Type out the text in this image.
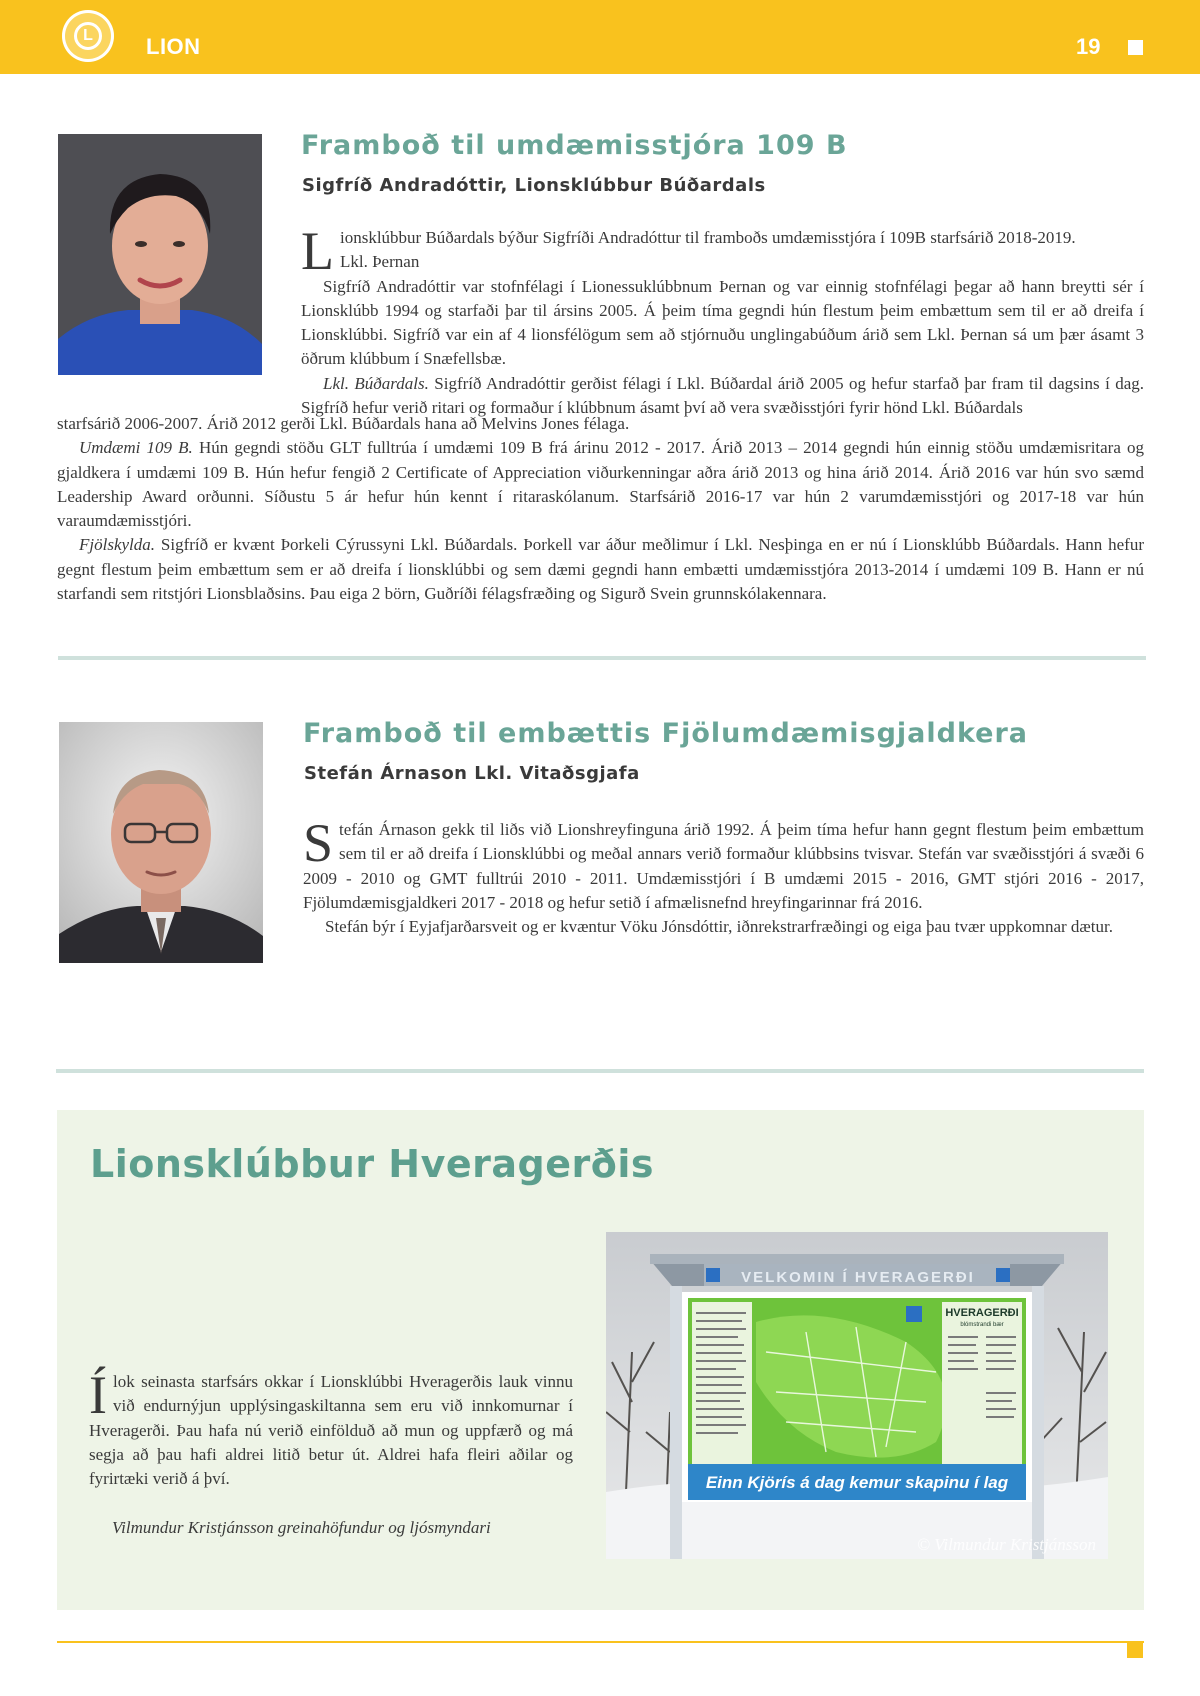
L	LION	19
Framboð til umdæmisstjóra 109 B
Sigfríð Andradóttir, Lionsklúbbur Búðardals

Lionsklúbbur Búðardals býður Sigfríði Andradóttur til framboðs umdæmisstjóra í 109B starfsárið 2018-2019.
Lkl. Þernan

Sigfríð Andradóttir var stofnfélagi í Lionessuklúbbnum Þernan og var einnig stofnfélagi þegar að hann breytti sér í Lionsklúbb 1994 og starfaði þar til ársins 2005. Á þeim tíma gegndi hún flestum þeim embættum sem til er að dreifa í Lionsklúbbi. Sigfríð var ein af 4 lionsfélögum sem að stjórnuðu unglingabúðum árið sem Lkl. Þernan sá um þær ásamt 3 öðrum klúbbum í Snæfellsbæ.

Lkl. Búðardals. Sigfríð Andradóttir gerðist félagi í Lkl. Búðardal árið 2005 og hefur starfað þar fram til dagsins í dag. Sigfríð hefur verið ritari og formaður í klúbbnum ásamt því að vera svæðisstjóri fyrir hönd Lkl. Búðardals

starfsárið 2006-2007. Árið 2012 gerði Lkl. Búðardals hana að Melvins Jones félaga.

Umdæmi 109 B. Hún gegndi stöðu GLT fulltrúa í umdæmi 109 B frá árinu 2012 - 2017. Árið 2013 – 2014 gegndi hún einnig stöðu umdæmisritara og gjaldkera í umdæmi 109 B. Hún hefur fengið 2 Certificate of Appreciation viðurkenningar aðra árið 2013 og hina árið 2014. Árið 2016 var hún svo sæmd Leadership Award orðunni. Síðustu 5 ár hefur hún kennt í ritaraskólanum. Starfsárið 2016-17 var hún 2 varumdæmisstjóri og 2017-18 var hún varaumdæmisstjóri.

Fjölskylda. Sigfríð er kvænt Þorkeli Cýrussyni Lkl. Búðardals. Þorkell var áður meðlimur í Lkl. Nesþinga en er nú í Lionsklúbb Búðardals. Hann hefur gegnt flestum þeim embættum sem er að dreifa í lionsklúbbi og sem dæmi gegndi hann embætti umdæmisstjóra 2013-2014 í umdæmi 109 B. Hann er nú starfandi sem ritstjóri Lionsblaðsins. Þau eiga 2 börn, Guðríði félagsfræðing og Sigurð Svein grunnskólakennara.

Framboð til embættis Fjölumdæmisgjaldkera
Stefán Árnason Lkl. Vitaðsgjafa

Stefán Árnason gekk til liðs við Lionshreyfinguna árið 1992. Á þeim tíma hefur hann gegnt flestum þeim embættum sem til er að dreifa í Lionsklúbbi og meðal annars verið formaður klúbbsins tvisvar. Stefán var svæðisstjóri á svæði 6 2009 - 2010 og GMT fulltrúi 2010 - 2011. Umdæmisstjóri í B umdæmi 2015 - 2016, GMT stjóri 2016 - 2017, Fjölumdæmisgjaldkeri 2017 - 2018 og hefur setið í afmælisnefnd hreyfingarinnar frá 2016.

Stefán býr í Eyjafjarðarsveit og er kvæntur Vöku Jónsdóttir, iðnrekstrarfræðingi og eiga þau tvær uppkomnar dætur.

Lionsklúbbur Hveragerðis

Ílok seinasta starfsárs okkar í Lionsklúbbi Hveragerðis lauk vinnu við endurnýjun upplýsingaskiltanna sem eru við innkomurnar í Hveragerði. Þau hafa nú verið einfölduð að mun og uppfærð og má segja að þau hafi aldrei litið betur út. Aldrei hafa fleiri aðilar og fyrirtæki verið á því.

Vilmundur Kristjánsson greinahöfundur og ljósmyndari
VELKOMIN Í HVERAGERÐI
HVERAGERÐI
blómstrandi bær
Einn Kjörís á dag kemur skapinu í lag
© Vilmundur Kristjánsson
